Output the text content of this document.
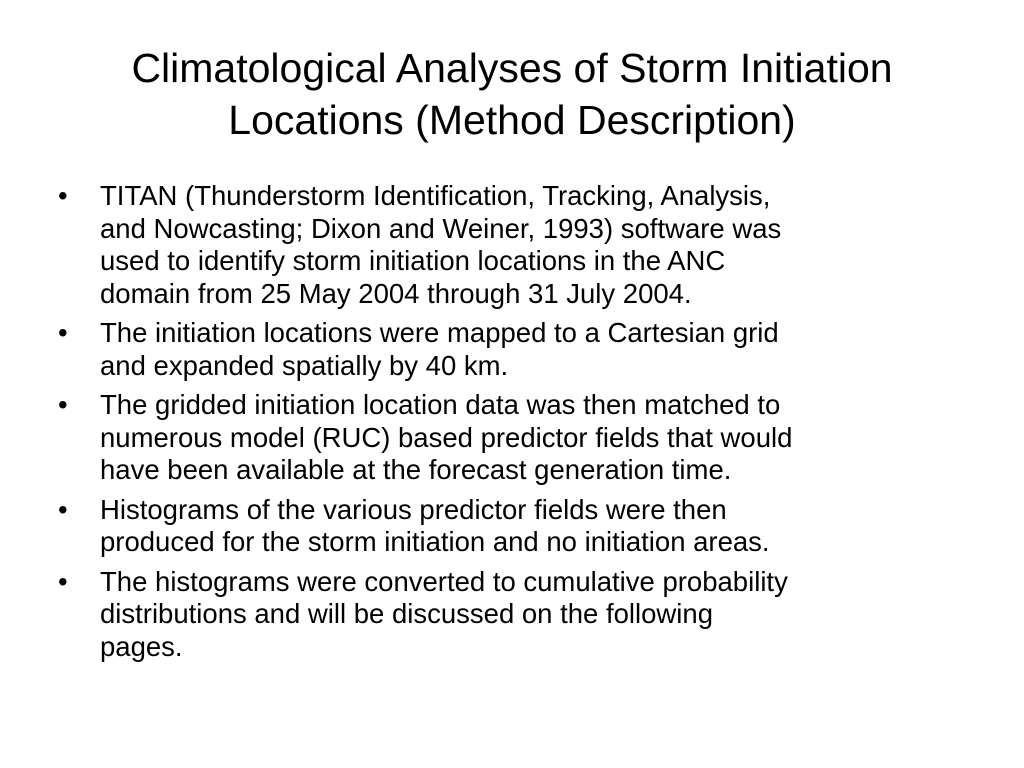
Climatological Analyses of Storm Initiation
Locations (Method Description)
•	TITAN (Thunderstorm Identification, Tracking, Analysis,
and Nowcasting; Dixon and Weiner, 1993) software was
used to identify storm initiation locations in the ANC
domain from 25 May 2004 through 31 July 2004.
•	The initiation locations were mapped to a Cartesian grid
and expanded spatially by 40 km.
•	The gridded initiation location data was then matched to
numerous model (RUC) based predictor fields that would
have been available at the forecast generation time.
•	Histograms of the various predictor fields were then
produced for the storm initiation and no initiation areas.
•	The histograms were converted to cumulative probability
distributions and will be discussed on the following
pages.
